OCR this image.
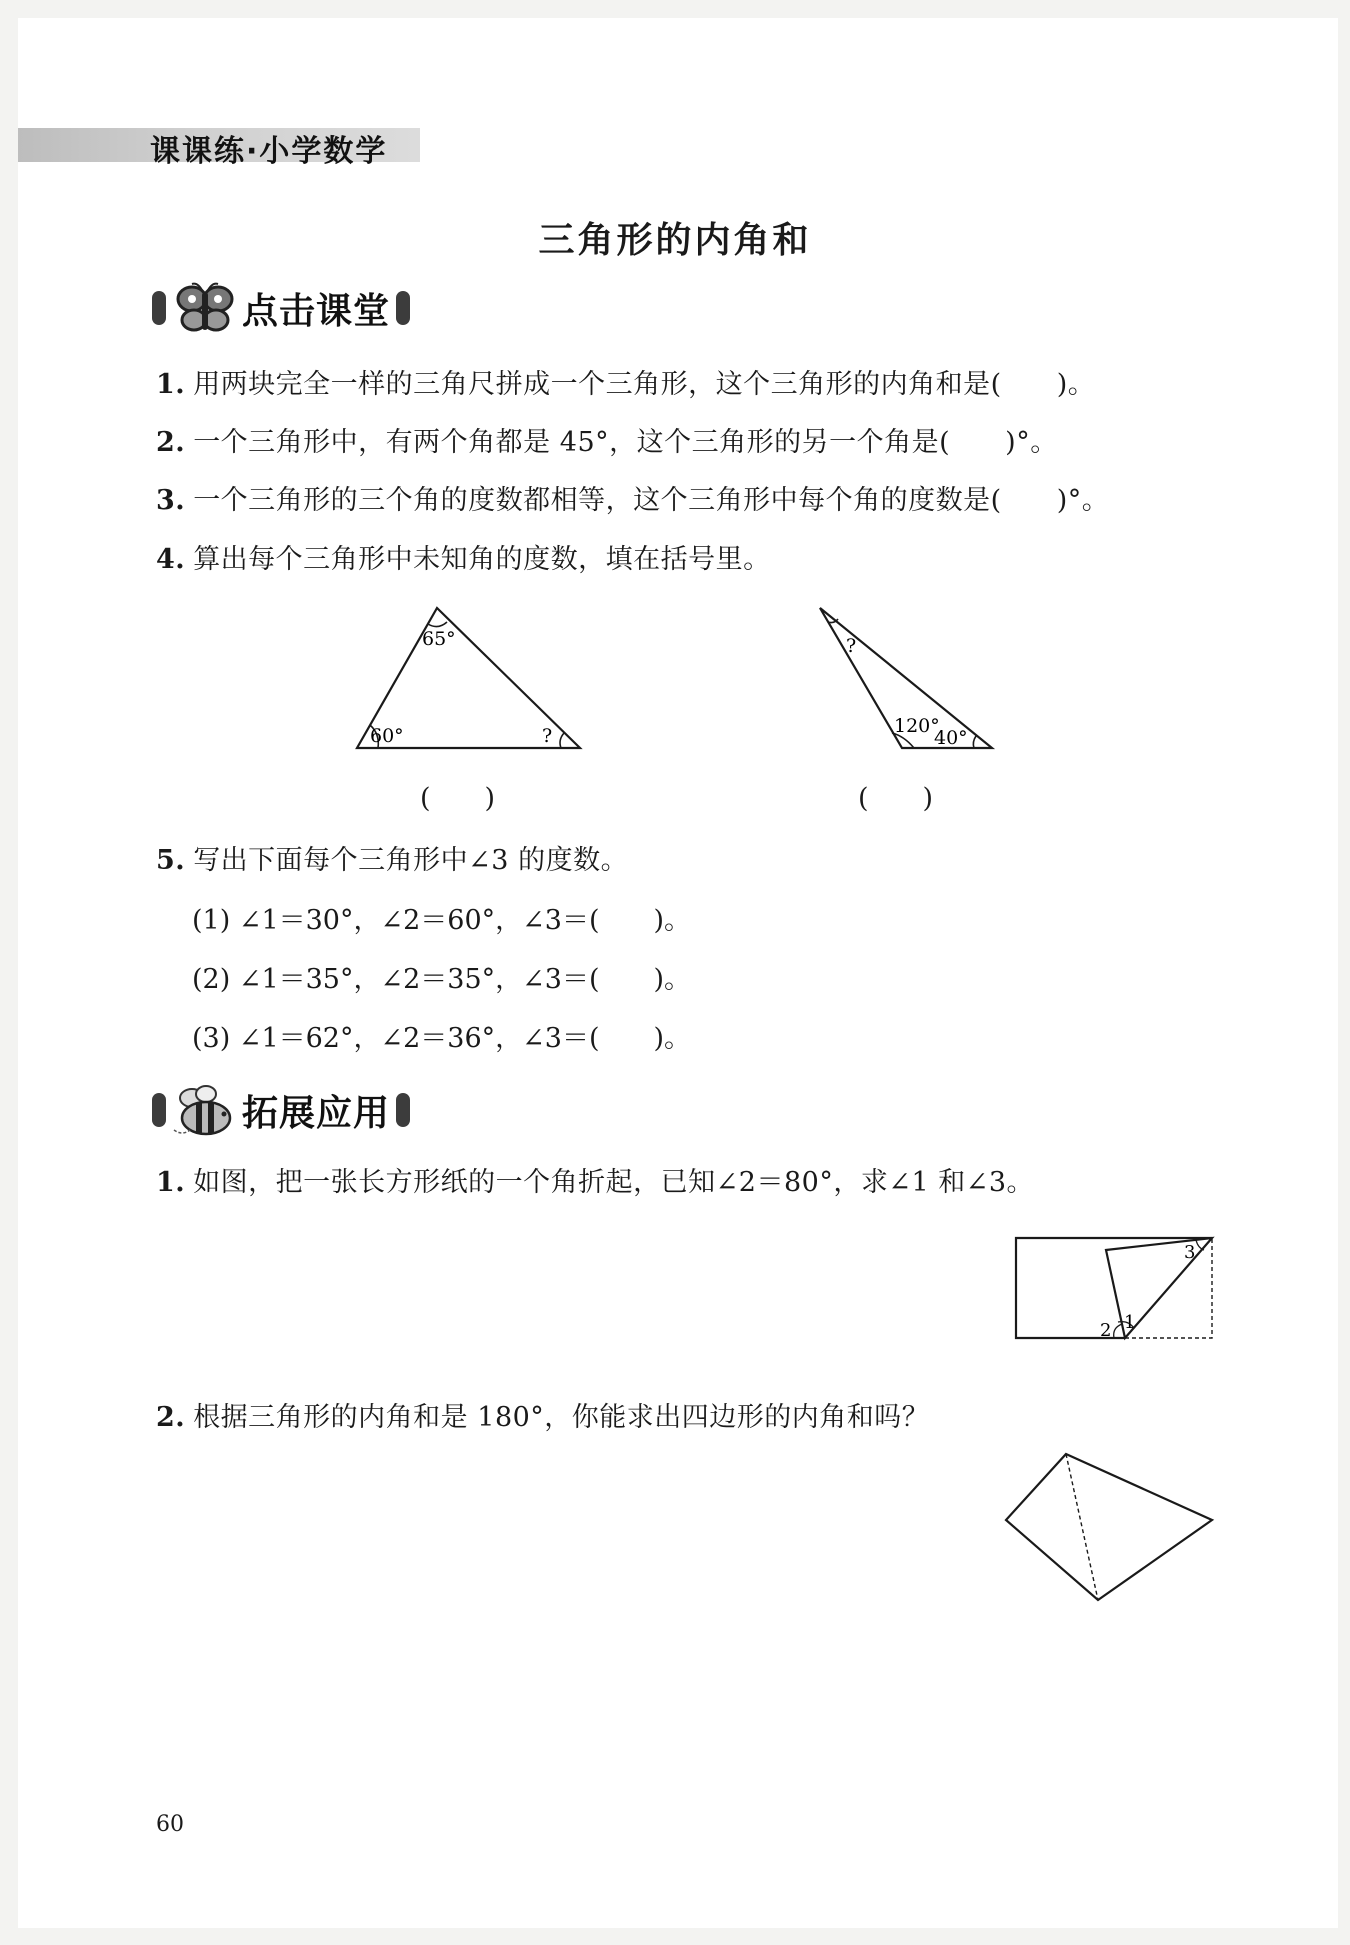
课课练·小学数学
三角形的内角和
点击课堂
1. 用两块完全一样的三角尺拼成一个三角形，这个三角形的内角和是(　　)。
2. 一个三角形中，有两个角都是 45°，这个三角形的另一个角是(　　)°。
3. 一个三角形的三个角的度数都相等，这个三角形中每个角的度数是(　　)°。
4. 算出每个三角形中未知角的度数，填在括号里。
65°
60°	?
(　　)
?
120°
40°
(　　)
5. 写出下面每个三角形中∠3 的度数。
(1) ∠1＝30°，∠2＝60°，∠3＝(　　)。
(2) ∠1＝35°，∠2＝35°，∠3＝(　　)。
(3) ∠1＝62°，∠2＝36°，∠3＝(　　)。
拓展应用
1. 如图，把一张长方形纸的一个角折起，已知∠2＝80°，求∠1 和∠3。
1
2
3
2. 根据三角形的内角和是 180°，你能求出四边形的内角和吗？
60
